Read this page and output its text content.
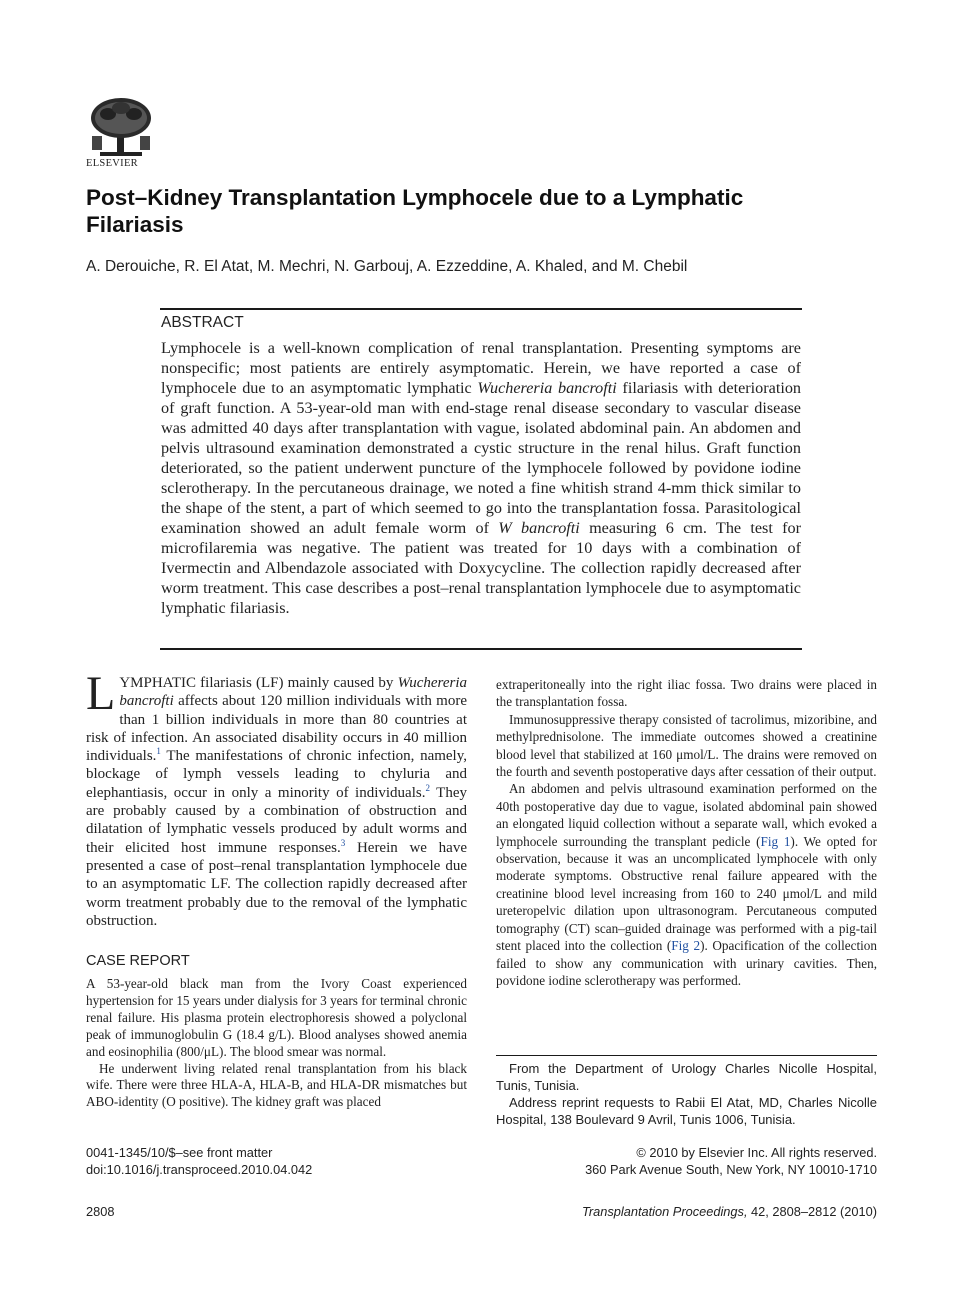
ELSEVIER
Post–Kidney Transplantation Lymphocele due to a Lymphatic Filariasis
A. Derouiche, R. El Atat, M. Mechri, N. Garbouj, A. Ezzeddine, A. Khaled, and M. Chebil
ABSTRACT

Lymphocele is a well-known complication of renal transplantation. Presenting symptoms are nonspecific; most patients are entirely asymptomatic. Herein, we have reported a case of lymphocele due to an asymptomatic lymphatic Wuchereria bancrofti filariasis with deterioration of graft function. A 53-year-old man with end-stage renal disease secondary to vascular disease was admitted 40 days after transplantation with vague, isolated abdominal pain. An abdomen and pelvis ultrasound examination demonstrated a cystic structure in the renal hilus. Graft function deteriorated, so the patient underwent puncture of the lymphocele followed by povidone iodine sclerotherapy. In the percutaneous drainage, we noted a fine whitish strand 4-mm thick similar to the shape of the stent, a part of which seemed to go into the transplantation fossa. Parasitological examination showed an adult female worm of W bancrofti measuring 6 cm. The test for microfilaremia was negative. The patient was treated for 10 days with a combination of Ivermectin and Albendazole associated with Doxycycline. The collection rapidly decreased after worm treatment. This case describes a post–renal transplantation lymphocele due to asymptomatic lymphatic filariasis.

LYMPHATIC filariasis (LF) mainly caused by Wuchereria bancrofti affects about 120 million individuals with more than 1 billion individuals in more than 80 countries at risk of infection. An associated disability occurs in 40 million individuals.$^1$ The manifestations of chronic infection, namely, blockage of lymph vessels leading to chyluria and elephantiasis, occur in only a minority of individuals.$^2$ They are probably caused by a combination of obstruction and dilatation of lymphatic vessels produced by adult worms and their elicited host immune responses.$^3$ Herein we have presented a case of post–renal transplantation lymphocele due to an asymptomatic LF. The collection rapidly decreased after worm treatment probably due to the removal of the lymphatic obstruction.

CASE REPORT

A 53-year-old black man from the Ivory Coast experienced hypertension for 15 years under dialysis for 3 years for terminal chronic renal failure. His plasma protein electrophoresis showed a polyclonal peak of immunoglobulin G (18.4 g/L). Blood analyses showed anemia and eosinophilia (800/μL). The blood smear was normal.

He underwent living related renal transplantation from his black wife. There were three HLA-A, HLA-B, and HLA-DR mismatches but ABO-identity (O positive). The kidney graft was placed

extraperitoneally into the right iliac fossa. Two drains were placed in the transplantation fossa.

Immunosuppressive therapy consisted of tacrolimus, mizoribine, and methylprednisolone. The immediate outcomes showed a creatinine blood level that stabilized at 160 μmol/L. The drains were removed on the fourth and seventh postoperative days after cessation of their output.

An abdomen and pelvis ultrasound examination performed on the 40th postoperative day due to vague, isolated abdominal pain showed an elongated liquid collection without a separate wall, which evoked a lymphocele surrounding the transplant pedicle (Fig 1). We opted for observation, because it was an uncomplicated lymphocele with only moderate symptoms. Obstructive renal failure appeared with the creatinine blood level increasing from 160 to 240 μmol/L and mild ureteropelvic dilation upon ultrasonogram. Percutaneous computed tomography (CT) scan–guided drainage was performed with a pig-tail stent placed into the collection (Fig 2). Opacification of the collection failed to show any communication with urinary cavities. Then, povidone iodine sclerotherapy was performed.

From the Department of Urology Charles Nicolle Hospital, Tunis, Tunisia.

Address reprint requests to Rabii El Atat, MD, Charles Nicolle Hospital, 138 Boulevard 9 Avril, Tunis 1006, Tunisia.

0041-1345/10/$–see front matter
doi:10.1016/j.transproceed.2010.04.042
© 2010 by Elsevier Inc. All rights reserved.
360 Park Avenue South, New York, NY 10010-1710
2808	Transplantation Proceedings, 42, 2808–2812 (2010)
